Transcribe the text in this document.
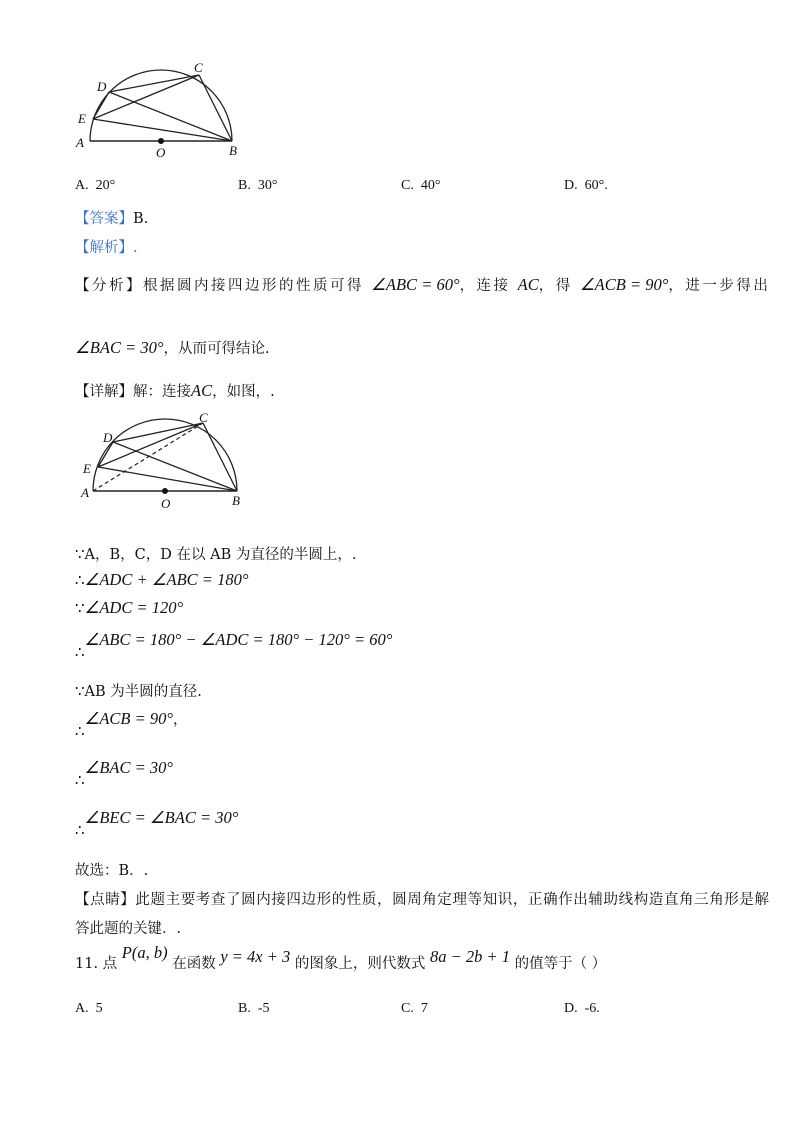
D
C
E
A
O	B
A. 20°	B. 30°	C. 40°	D. 60°.
【答案】B.
【解析】.
【分析】根据圆内接四边形的性质可得 ∠ABC = 60°，连接 AC，得 ∠ACB = 90°，进一步得出
∠BAC = 30°，从而可得结论.
【详解】解：连接AC，如图，.
D
C
E
A
O	B
∵A，B，C，D 在以 AB 为直径的半圆上，.
∴∠ADC + ∠ABC = 180°
∵∠ADC = 120°
∴∠ABC = 180° − ∠ADC = 180° − 120° = 60°
∵AB 为半圆的直径.
∴∠ACB = 90°，
∴∠BAC = 30°
∴∠BEC = ∠BAC = 30°
故选：B．.
【点睛】此题主要考查了圆内接四边形的性质，圆周角定理等知识，正确作出辅助线构造直角三角形是解
答此题的关键．.
11. 点 P(a, b) 在函数 y = 4x + 3 的图象上，则代数式 8a − 2b + 1 的值等于（ ）
A. 5	B. -5	C. 7	D. -6.
